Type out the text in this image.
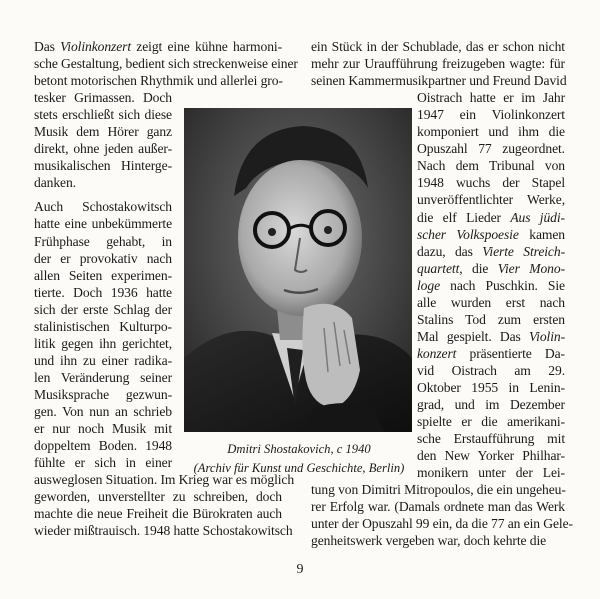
Das Violinkonzert zeigt eine kühne harmoni-
sche Gestaltung, bedient sich streckenweise einer
betont motorischen Rhythmik und allerlei gro-
tesker Grimassen. Doch
stets erschließt sich diese
Musik dem Hörer ganz
direkt, ohne jeden außer-
musikalischen Hinterge-
danken.
Auch Schostakowitsch
hatte eine unbekümmerte
Frühphase gehabt, in
der er provokativ nach
allen Seiten experimen-
tierte. Doch 1936 hatte
sich der erste Schlag der
stalinistischen Kulturpo-
litik gegen ihn gerichtet,
und ihn zu einer radika-
len Veränderung seiner
Musiksprache gezwun-
gen. Von nun an schrieb
er nur noch Musik mit
doppeltem Boden. 1948
fühlte er sich in einer
ausweglosen Situation. Im Krieg war es möglich
geworden, unverstellter zu schreiben, doch
machte die neue Freiheit die Bürokraten auch
wieder mißtrauisch. 1948 hatte Schostakowitsch
ein Stück in der Schublade, das er schon nicht
mehr zur Uraufführung freizugeben wagte: für
seinen Kammermusikpartner und Freund David
Oistrach hatte er im Jahr
1947 ein Violinkonzert
komponiert und ihm die
Opuszahl 77 zugeordnet.
Nach dem Tribunal von
1948 wuchs der Stapel
unveröffentlichter Werke,
die elf Lieder Aus jüdi-
scher Volkspoesie kamen
dazu, das Vierte Streich-
quartett, die Vier Mono-
loge nach Puschkin. Sie
alle wurden erst nach
Stalins Tod zum ersten
Mal gespielt. Das Violin-
konzert präsentierte Da-
vid Oistrach am 29.
Oktober 1955 in Lenin-
grad, und im Dezember
spielte er die amerikani-
sche Erstaufführung mit
den New Yorker Philhar-
monikern unter der Lei-
tung von Dimitri Mitropoulos, die ein ungeheu-
rer Erfolg war. (Damals ordnete man das Werk
unter der Opuszahl 99 ein, da die 77 an ein Gele-
genheitswerk vergeben war, doch kehrte die
Dmitri Shostakovich, c 1940
(Archiv für Kunst und Geschichte, Berlin)
9
